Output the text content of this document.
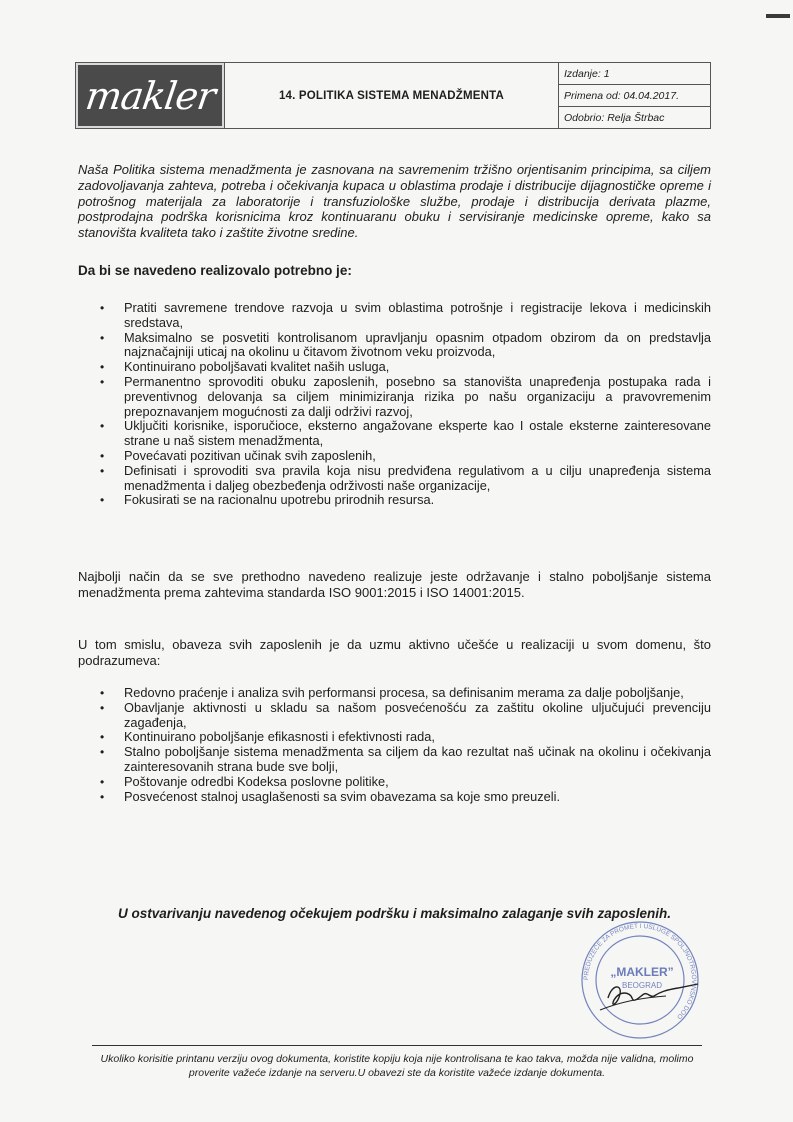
makler	14. POLITIKA SISTEMA MENADŽMENTA	Izdanje: 1
Primena od: 04.04.2017.
Odobrio: Relja Štrbac

Naša Politika sistema menadžmenta je zasnovana na savremenim tržišno orjentisanim principima, sa ciljem zadovoljavanja zahteva, potreba i očekivanja kupaca u oblastima prodaje i distribucije dijagnostičke opreme i potrošnog materijala za laboratorije i transfuziološke službe, prodaje i distribucija derivata plazme, postprodajna podrška korisnicima kroz kontinuaranu obuku i servisiranje medicinske opreme, kako sa stanovišta kvaliteta tako i zaštite životne sredine.

Da bi se navedeno realizovalo potrebno je:

• Pratiti savremene trendove razvoja u svim oblastima potrošnje i registracije lekova i medicinskih sredstava,
• Maksimalno se posvetiti kontrolisanom upravljanju opasnim otpadom obzirom da on predstavlja najznačajniji uticaj na okolinu u čitavom životnom veku proizvoda,
• Kontinuirano poboljšavati kvalitet naših usluga,
• Permanentno sprovoditi obuku zaposlenih, posebno sa stanovišta unapređenja postupaka rada i preventivnog delovanja sa ciljem minimiziranja rizika po našu organizaciju a pravovremenim prepoznavanjem mogućnosti za dalji održivi razvoj,
• Uključiti korisnike, isporučioce, eksterno angažovane eksperte kao I ostale eksterne zainteresovane strane u naš sistem menadžmenta,
• Povećavati pozitivan učinak svih zaposlenih,
• Definisati i sprovoditi sva pravila koja nisu predviđena regulativom a u cilju unapređenja sistema menadžmenta i daljeg obezbeđenja održivosti naše organizacije,
• Fokusirati se na racionalnu upotrebu prirodnih resursa.

Najbolji način da se sve prethodno navedeno realizuje jeste održavanje i stalno poboljšanje sistema menadžmenta prema zahtevima standarda ISO 9001:2015 i ISO 14001:2015.

U tom smislu, obaveza svih zaposlenih je da uzmu aktivno učešće u realizaciji u svom domenu, što podrazumeva:

• Redovno praćenje i analiza svih performansi procesa, sa definisanim merama za dalje poboljšanje,
• Obavljanje aktivnosti u skladu sa našom posvećenošću za zaštitu okoline uljučujući prevenciju zagađenja,
• Kontinuirano poboljšanje efikasnosti i efektivnosti rada,
• Stalno poboljšanje sistema menadžmenta sa ciljem da kao rezultat naš učinak na okolinu i očekivanja zainteresovanih strana bude sve bolji,
• Poštovanje odredbi Kodeksa poslovne politike,
• Posvećenost stalnoj usaglašenosti sa svim obavezama sa koje smo preuzeli.

U ostvarivanju navedenog očekujem podršku i maksimalno zalaganje svih zaposlenih.

PREDUZEĆE ZA PROMET I USLUGE SPOLJNOTRGOVINSKO DOO
„MAKLER”
BEOGRAD

Ukoliko korisitie printanu verziju ovog dokumenta, koristite kopiju koja nije kontrolisana te kao takva, možda nije validna, molimo proverite važeće izdanje na serveru.U obavezi ste da koristite važeće izdanje dokumenta.
